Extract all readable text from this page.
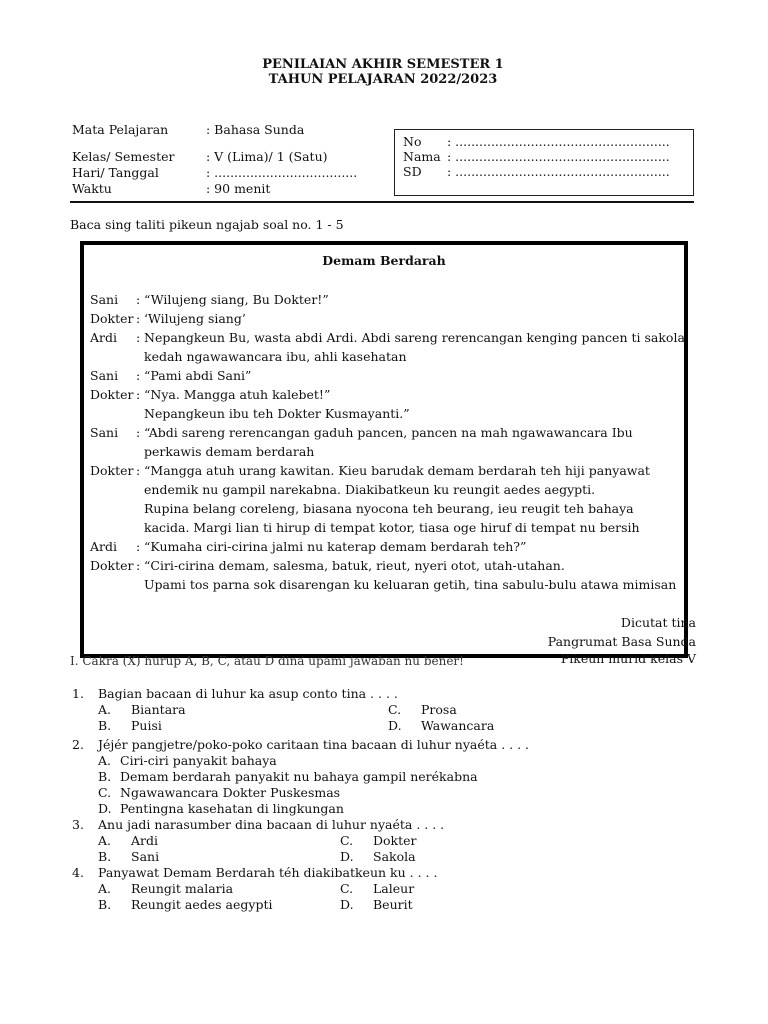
PENILAIAN AKHIR SEMESTER 1
TAHUN PELAJARAN 2022/2023
Mata Pelajaran	: Bahasa Sunda
Kelas/ Semester	: V (Lima)/ 1 (Satu)
Hari/ Tanggal	: ....................................
Waktu	: 90 menit
No : ......................................................
Nama : ......................................................
SD : ......................................................
Baca sing taliti pikeun ngajab soal no. 1 - 5
Demam Berdarah
Sani : “Wilujeng siang, Bu Dokter!”
Dokter : ‘Wilujeng siang’
Ardi : Nepangkeun Bu, wasta abdi Ardi. Abdi sareng rerencangan kenging pancen ti sakola
kedah ngawawancara ibu, ahli kasehatan
Sani : “Pami abdi Sani”
Dokter : “Nya. Mangga atuh kalebet!”
Nepangkeun ibu teh Dokter Kusmayanti.”
Sani : “Abdi sareng rerencangan gaduh pancen, pancen na mah ngawawancara Ibu
perkawis demam berdarah
Dokter : “Mangga atuh urang kawitan. Kieu barudak demam berdarah teh hiji panyawat
endemik nu gampil narekabna. Diakibatkeun ku reungit aedes aegypti.
Rupina belang coreleng, biasana nyocona teh beurang, ieu reugit teh bahaya
kacida. Margi lian ti hirup di tempat kotor, tiasa oge hiruf di tempat nu bersih
Ardi : “Kumaha ciri-cirina jalmi nu katerap demam berdarah teh?”
Dokter : “Ciri-cirina demam, salesma, batuk, rieut, nyeri otot, utah-utahan.
Upami tos parna sok disarengan ku keluaran getih, tina sabulu-bulu atawa mimisan
Dicutat tina
Pangrumat Basa Sunda
Pikeun murid kelas V
I. Cakra (X) hurup A, B, C, atau D dina upami jawaban nu bener!
1. Bagian bacaan di luhur ka asup conto tina . . . .
A. Biantara
B. Puisi
C. Prosa
D. Wawancara
2. Jéjér pangjetre/poko-poko caritaan tina bacaan di luhur nyaéta . . . .
A. Ciri-ciri panyakit bahaya
B. Demam berdarah panyakit nu bahaya gampil nerékabna
C. Ngawawancara Dokter Puskesmas
D. Pentingna kasehatan di lingkungan
3. Anu jadi narasumber dina bacaan di luhur nyaéta . . . .
A. Ardi
B. Sani
C. Dokter
D. Sakola
4. Panyawat Demam Berdarah téh diakibatkeun ku . . . .
A. Reungit malaria
B. Reungit aedes aegypti
C. Laleur
D. Beurit
